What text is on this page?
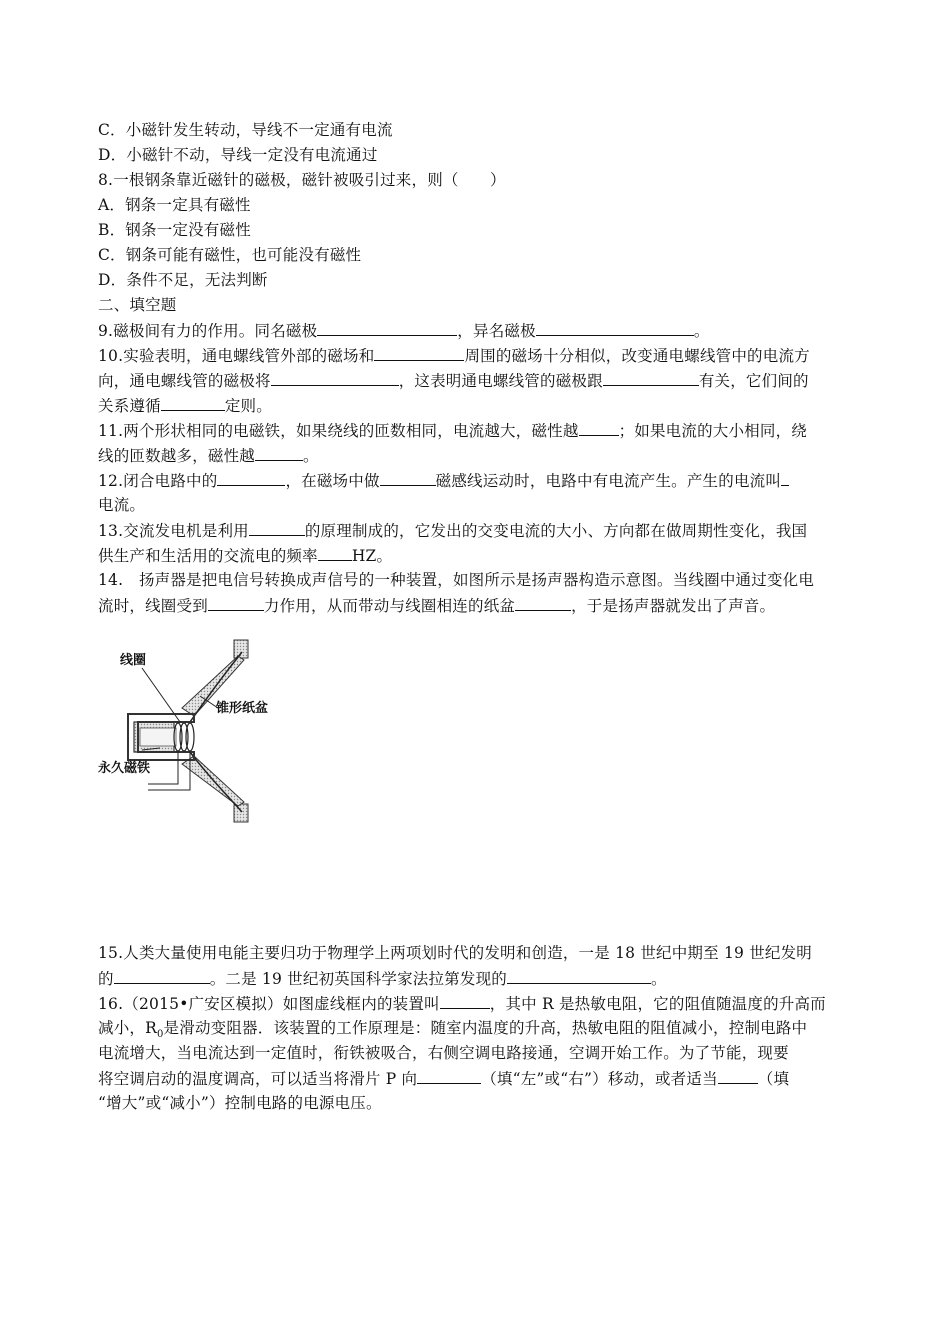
C．小磁针发生转动，导线不一定通有电流
D．小磁针不动，导线一定没有电流通过
8.一根钢条靠近磁针的磁极，磁针被吸引过来，则（　　）
A．钢条一定具有磁性
B．钢条一定没有磁性
C．钢条可能有磁性，也可能没有磁性
D．条件不足，无法判断
二、填空题
9.磁极间有力的作用。同名磁极	，异名磁极	。
10.实验表明，通电螺线管外部的磁场和	周围的磁场十分相似，改变通电螺线管中的电流方
向，通电螺线管的磁极将	，这表明通电螺线管的磁极跟	有关，它们间的
关系遵循	定则。
11.两个形状相同的电磁铁，如果绕线的匝数相同，电流越大，磁性越	；如果电流的大小相同，绕
线的匝数越多，磁性越	。
12.闭合电路中的	，在磁场中做	磁感线运动时，电路中有电流产生。产生的电流叫
电流。
13.交流发电机是利用	的原理制成的，它发出的交变电流的大小、方向都在做周期性变化，我国
供生产和生活用的交流电的频率 HZ。
14.　扬声器是把电信号转换成声信号的一种装置，如图所示是扬声器构造示意图。当线圈中通过变化电
流时，线圈受到	力作用，从而带动与线圈相连的纸盆	，于是扬声器就发出了声音。
线圈
锥形纸盆
永久磁铁
15.人类大量使用电能主要归功于物理学上两项划时代的发明和创造，一是 18 世纪中期至 19 世纪发明
的	。二是 19 世纪初英国科学家法拉第发现的	。
16.（2015•广安区模拟）如图虚线框内的装置叫	，其中 R 是热敏电阻，它的阻值随温度的升高而
减小，$R_0$是滑动变阻器．该装置的工作原理是：随室内温度的升高，热敏电阻的阻值减小，控制电路中
电流增大，当电流达到一定值时，衔铁被吸合，右侧空调电路接通，空调开始工作。为了节能，现要
将空调启动的温度调高，可以适当将滑片 P 向	（填“左”或“右”）移动，或者适当	（填
“增大”或“减小”）控制电路的电源电压。
